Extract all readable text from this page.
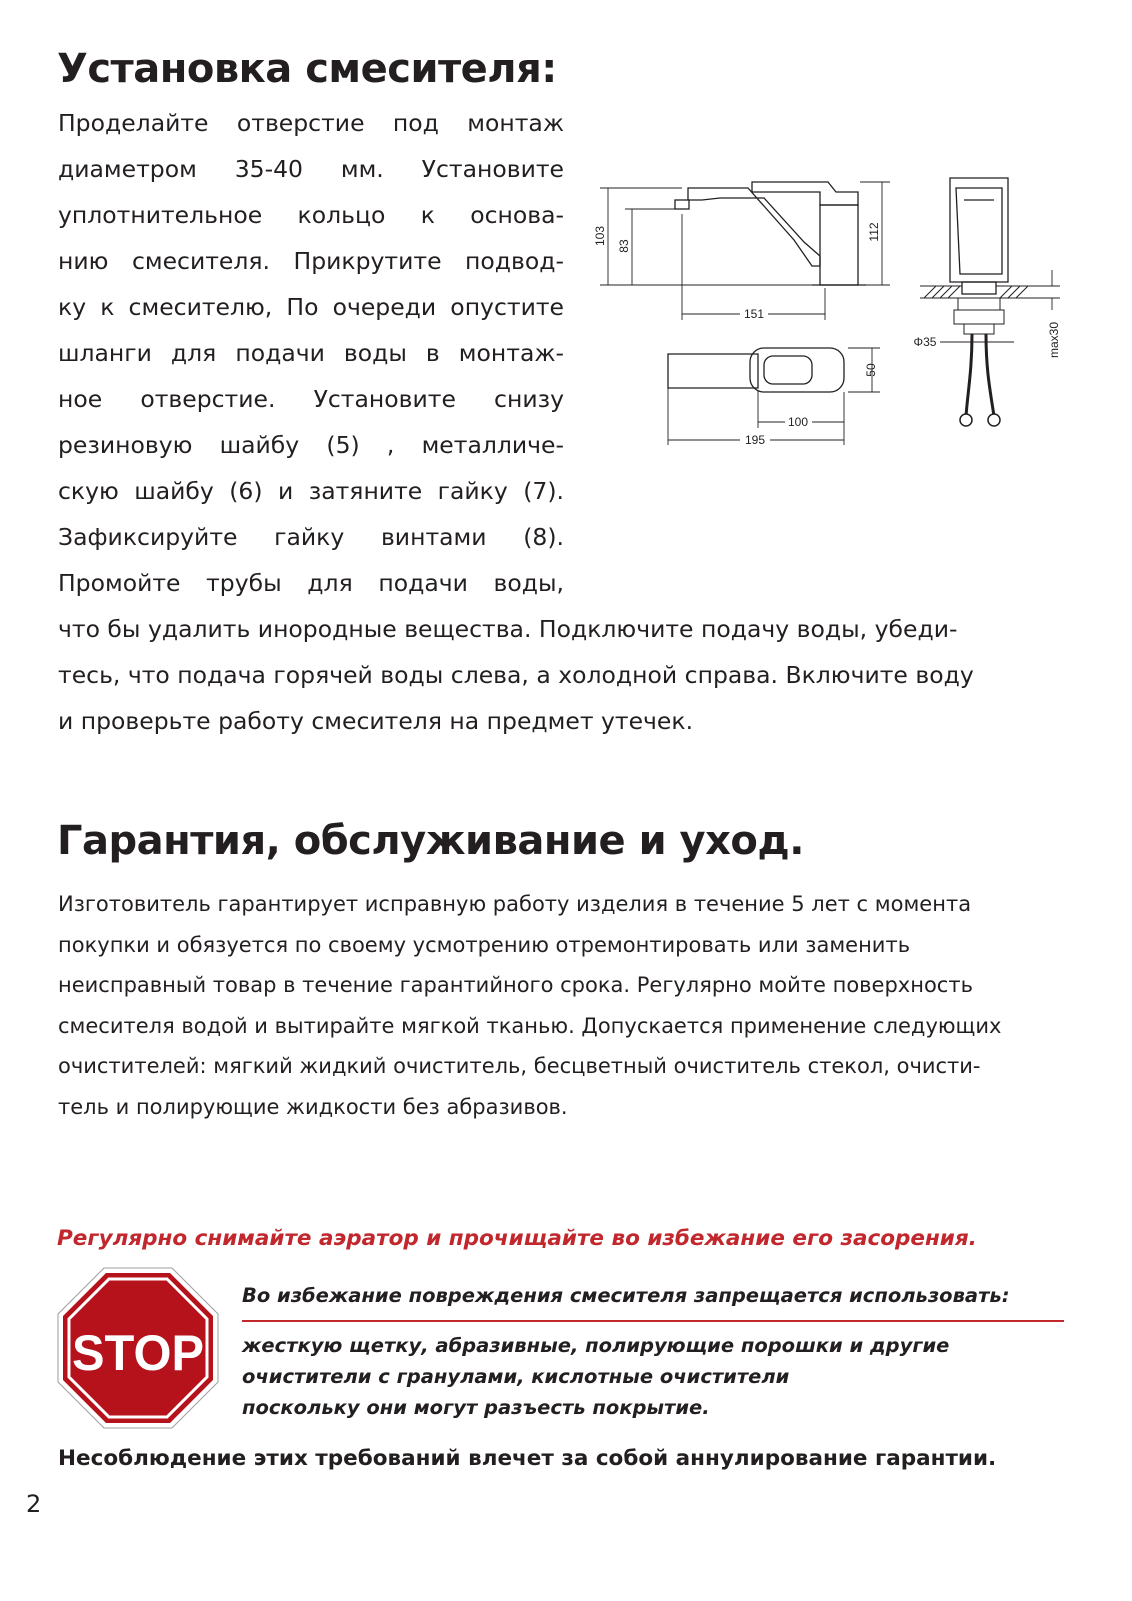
Установка смесителя:
Проделайте отверстие под монтаж
диаметром 35-40 мм. Установите
уплотнительное кольцо к основа-
нию смесителя. Прикрутите подвод-
ку к смесителю, По очереди опустите
шланги для подачи воды в монтаж-
ное отверстие. Установите снизу
резиновую шайбу (5) , металличе-
скую шайбу (6) и затяните гайку (7).
Зафиксируйте гайку винтами (8).
Промойте трубы для подачи воды,
что бы удалить инородные вещества. Подключите подачу воды, убеди-
тесь, что подача горячей воды слева, а холодной справа. Включите воду
и проверьте работу смесителя на предмет утечек.
103 83
112
151
100
195
50
Φ35	max30
Гарантия, обслуживание и уход.
Изготовитель гарантирует исправную работу изделия в течение 5 лет с момента
покупки и обязуется по своему усмотрению отремонтировать или заменить
неисправный товар в течение гарантийного срока. Регулярно мойте поверхность
смесителя водой и вытирайте мягкой тканью. Допускается применение следующих
очистителей: мягкий жидкий очиститель, бесцветный очиститель стекол, очисти-
тель и полирующие жидкости без абразивов.
Регулярно снимайте аэратор и прочищайте во избежание его засорения.
STOP
Во избежание повреждения смесителя запрещается использовать:
жесткую щетку, абразивные, полирующие порошки и другие
очистители с гранулами, кислотные очистители
поскольку они могут разъесть покрытие.
Несоблюдение этих требований влечет за собой аннулирование гарантии.
2
